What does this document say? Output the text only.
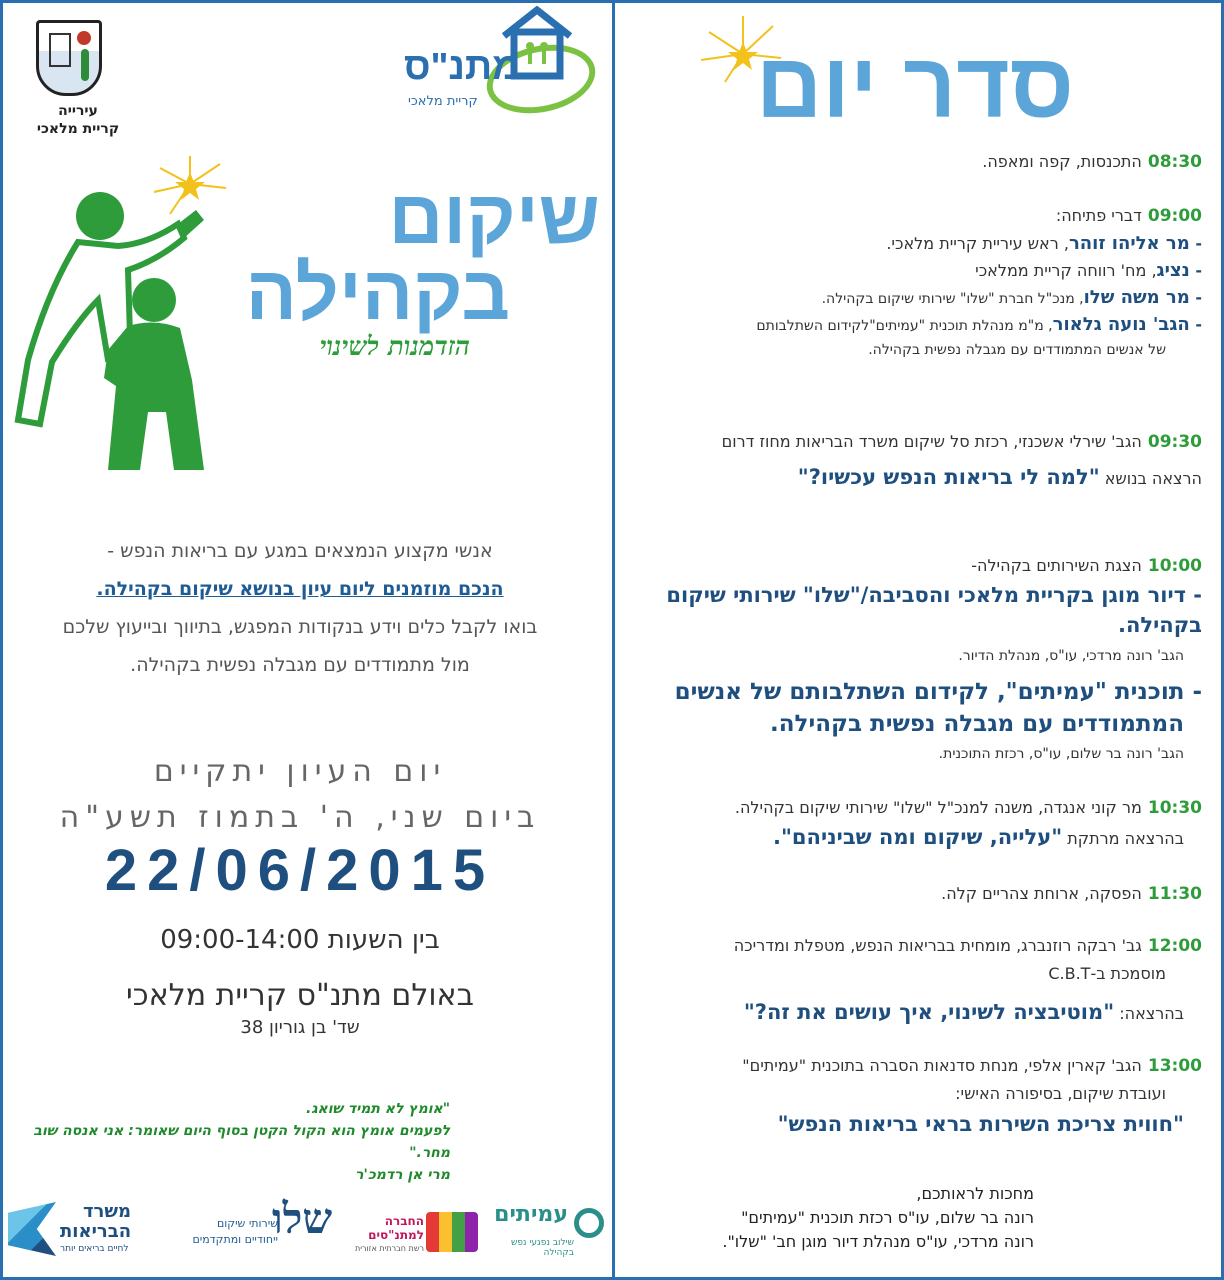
עירייה
קריית מלאכי
מתנ"ס
קריית מלאכי
שיקום
בקהילה
הזדמנות לשינוי
אנשי מקצוע הנמצאים במגע עם בריאות הנפש -
הנכם מוזמנים ליום עיון בנושא שיקום בקהילה.
בואו לקבל כלים וידע בנקודות המפגש, בתיווך ובייעוץ שלכם
מול מתמודדים עם מגבלה נפשית בקהילה.
יום העיון יתקיים
ביום שני, ה' בתמוז תשע"ה
22/06/2015
בין השעות 09:00-14:00
באולם מתנ"ס קריית מלאכי
שד' בן גוריון 38
"אומץ לא תמיד שואג.
לפעמים אומץ הוא הקול הקטן בסוף היום שאומר: אני אנסה שוב מחר."
מרי אן רדמכ'ר
משרד
הבריאות
לחיים בריאים יותר
שירותי שיקום
ייחודיים ומתקדמים
שלו	החברה
למתנ"סים
רשת חברתית אזורית
עמיתים
שילוב נפגעי נפש בקהילה
סדר יום
08:30התכנסות, קפה ומאפה.
09:00דברי פתיחה:
- מר אליהו זוהר, ראש עיריית קריית מלאכי.
- נציג, מח' רווחה קריית ממלאכי
- מר משה שלו, מנכ"ל חברת "שלו" שירותי שיקום בקהילה.
- הגב' נועה גלאור, מ"מ מנהלת תוכנית "עמיתים"לקידום השתלבותם
של אנשים המתמודדים עם מגבלה נפשית בקהילה.
09:30הגב' שירלי אשכנזי, רכזת סל שיקום משרד הבריאות מחוז דרום
הרצאה בנושא "למה לי בריאות הנפש עכשיו?"
10:00הצגת השירותים בקהילה-
- דיור מוגן בקריית מלאכי והסביבה/"שלו" שירותי שיקום בקהילה.
הגב' רונה מרדכי, עו"ס, מנהלת הדיור.
- תוכנית "עמיתים", לקידום השתלבותם של אנשים
המתמודדים עם מגבלה נפשית בקהילה.
הגב' רונה בר שלום, עו"ס, רכזת התוכנית.
10:30מר קוני אנגדה, משנה למנכ"ל "שלו" שירותי שיקום בקהילה.
בהרצאה מרתקת "עלייה, שיקום ומה שביניהם".
11:30הפסקה, ארוחת צהריים קלה.
12:00גב' רבקה רוזנברג, מומחית בבריאות הנפש, מטפלת ומדריכה
מוסמכת ב-C.B.T
בהרצאה: "מוטיבציה לשינוי, איך עושים את זה?"
13:00הגב' קארין אלפי, מנחת סדנאות הסברה בתוכנית "עמיתים"
ועובדת שיקום, בסיפורה האישי:
"חווית צריכת השירות בראי בריאות הנפש"
מחכות לראותכם,
רונה בר שלום, עו"ס רכזת תוכנית "עמיתים"
רונה מרדכי, עו"ס מנהלת דיור מוגן חב' "שלו".
